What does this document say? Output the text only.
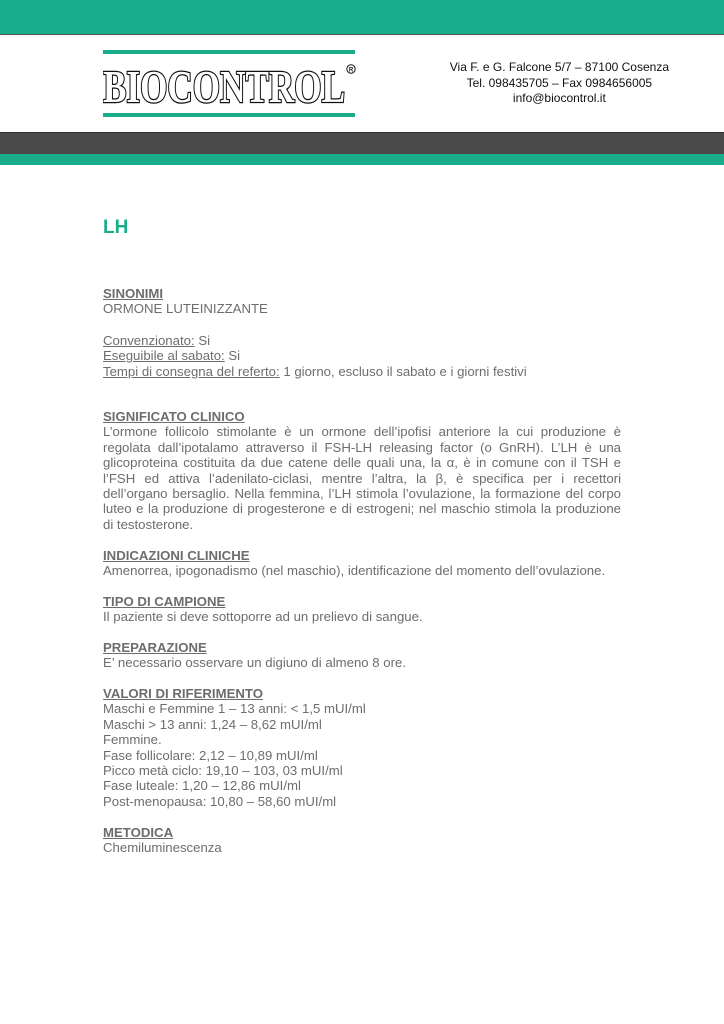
BIOCONTROL R	Via F. e G. Falcone 5/7 – 87100 Cosenza
Tel. 098435705 – Fax 0984656005
info@biocontrol.it
LH
SINONIMI
ORMONE LUTEINIZZANTE
Convenzionato: Si
Eseguibile al sabato: Si
Tempi di consegna del referto: 1 giorno, escluso il sabato e i giorni festivi
SIGNIFICATO CLINICO
L’ormone follicolo stimolante è un ormone dell’ipofisi anteriore la cui produzione è regolata dall’ipotalamo attraverso il FSH-LH releasing factor (o GnRH). L’LH è una glicoproteina costituita da due catene delle quali una, la α, è in comune con il TSH e l’FSH ed attiva l’adenilato-ciclasi, mentre l’altra, la β, è specifica per i recettori dell’organo bersaglio. Nella femmina, l’LH stimola l’ovulazione, la formazione del corpo luteo e la produzione di progesterone e di estrogeni; nel maschio stimola la produzione di testosterone.
INDICAZIONI CLINICHE
Amenorrea, ipogonadismo (nel maschio), identificazione del momento dell’ovulazione.
TIPO DI CAMPIONE
Il paziente si deve sottoporre ad un prelievo di sangue.
PREPARAZIONE
E’ necessario osservare un digiuno di almeno 8 ore.
VALORI DI RIFERIMENTO
Maschi e Femmine 1 – 13 anni: < 1,5 mUI/ml
Maschi > 13 anni: 1,24 – 8,62 mUI/ml
Femmine.
Fase follicolare: 2,12 – 10,89 mUI/ml
Picco metà ciclo: 19,10 – 103, 03 mUI/ml
Fase luteale: 1,20 – 12,86 mUI/ml
Post-menopausa: 10,80 – 58,60 mUI/ml
METODICA
Chemiluminescenza
